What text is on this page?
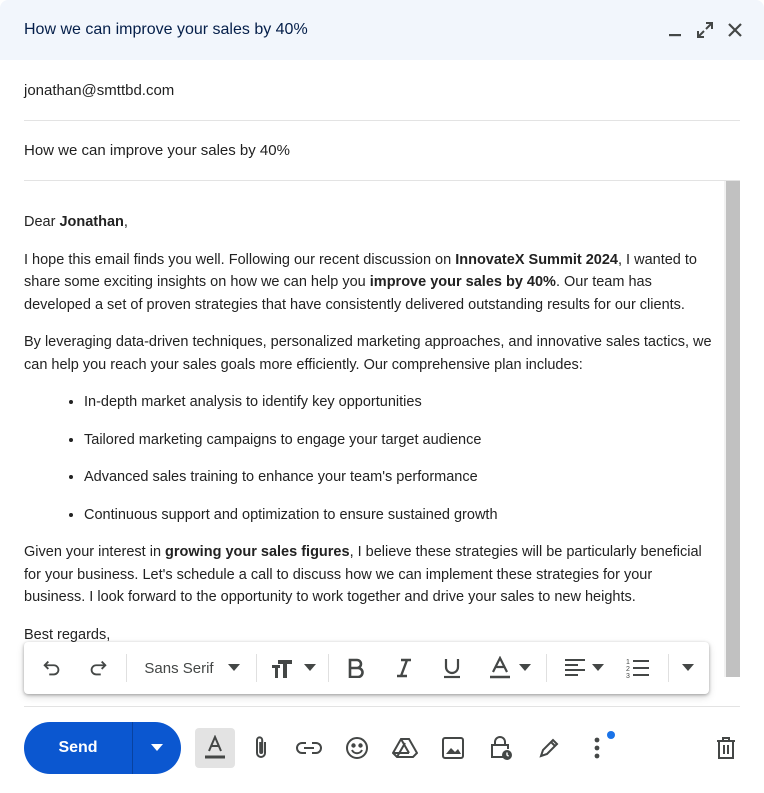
How we can improve your sales by 40%
jonathan@smttbd.com
How we can improve your sales by 40%

Dear Jonathan,

I hope this email finds you well. Following our recent discussion on InnovateX Summit 2024, I wanted to share some exciting insights on how we can help you improve your sales by 40%. Our team has developed a set of proven strategies that have consistently delivered outstanding results for our clients.

By leveraging data-driven techniques, personalized marketing approaches, and innovative sales tactics, we can help you reach your sales goals more efficiently. Our comprehensive plan includes:

• In-depth market analysis to identify key opportunities
• Tailored marketing campaigns to engage your target audience
• Advanced sales training to enhance your team's performance
• Continuous support and optimization to ensure sustained growth

Given your interest in growing your sales figures, I believe these strategies will be particularly beneficial for your business. Let's schedule a call to discuss how we can implement these strategies for your business. I look forward to the opportunity to work together and drive your sales to new heights.

Best regards,

Sans Serif	1
2
3
Send
